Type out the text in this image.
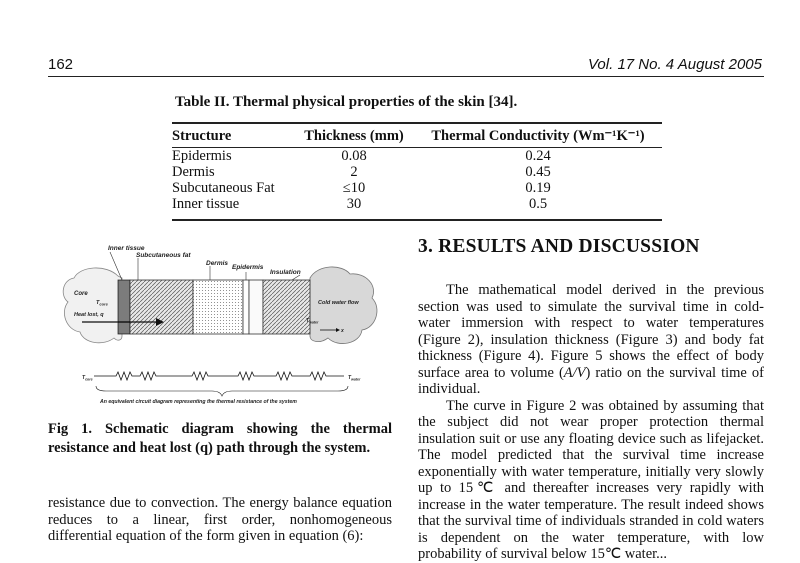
162	Vol. 17 No. 4 August 2005
Table II. Thermal physical properties of the skin [34].
Structure	Thickness (mm)	Thermal Conductivity (Wm⁻¹K⁻¹)
Epidermis	0.08	0.24
Dermis	2	0.45
Subcutaneous Fat	≤10	0.19
Inner tissue	30	0.5
Inner tissue
Subcutaneous fat
Dermis
Epidermis
Insulation
Core
$T_{core}$
Heat lost, q
Cold water flow
$T_{water}$
x
$T_{core}$	$T_{water}$
An equivalent circuit diagram representing the thermal resistance of the system
Fig 1. Schematic diagram showing the thermal resistance and heat lost (q) path through the system.
resistance due to convection. The energy balance equation reduces to a linear, first order, nonhomogeneous differential equation of the form given in equation (6):
3. RESULTS AND DISCUSSION

The mathematical model derived in the previous section was used to simulate the survival time in cold-water immersion with respect to water temperatures (Figure 2), insulation thickness (Figure 3) and body fat thickness (Figure 4). Figure 5 shows the effect of body surface area to volume (A/V) ratio on the survival time of individual.

The curve in Figure 2 was obtained by assuming that the subject did not wear proper protection thermal insulation suit or use any floating device such as lifejacket. The model predicted that the survival time increase exponentially with water temperature, initially very slowly up to 15℃ and thereafter increases very rapidly with increase in the water temperature. The result indeed shows that the survival time of individuals stranded in cold waters is dependent on the water temperature, with low probability of survival below 15℃ water...
